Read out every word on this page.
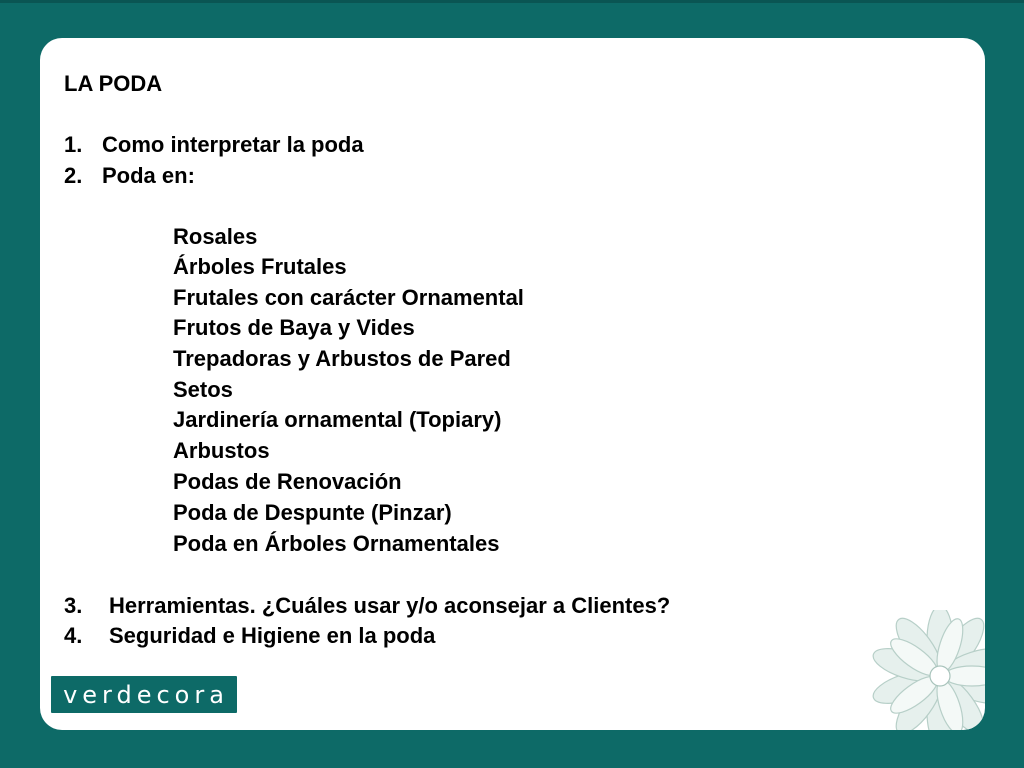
LA PODA
1. Como interpretar la poda
2. Poda en:
Rosales
Árboles Frutales
Frutales con carácter Ornamental
Frutos de Baya y Vides
Trepadoras y Arbustos de Pared
Setos
Jardinería ornamental (Topiary)
Arbustos
Podas de Renovación
Poda de Despunte (Pinzar)
Poda en Árboles Ornamentales
3. Herramientas. ¿Cuáles usar y/o aconsejar a Clientes?
4. Seguridad e Higiene en la poda
verdecora
